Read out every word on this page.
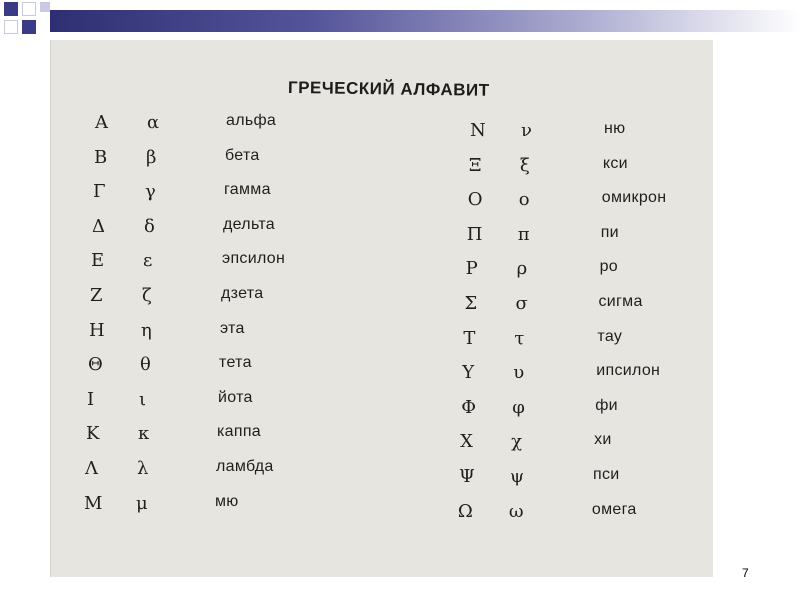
ГРЕЧЕСКИЙ АЛФАВИТ
Α α	альфа
Β β	бета
Γ γ	гамма
Δ δ	дельта
Ε ε	эпсилон
Ζ ζ	дзета
Η η	эта
Θ θ	тета
Ι ι	йота
Κ κ	каппа
Λ λ	ламбда
Μ μ	мю
Ν ν	ню
Ξ ξ	кси
Ο ο	омикрон
Π π	пи
Ρ ρ	ро
Σ σ	сигма
Τ τ	тау
Υ υ	ипсилон
Φ φ	фи
Χ χ	хи
Ψ ψ	пси
Ω ω	омега
7
